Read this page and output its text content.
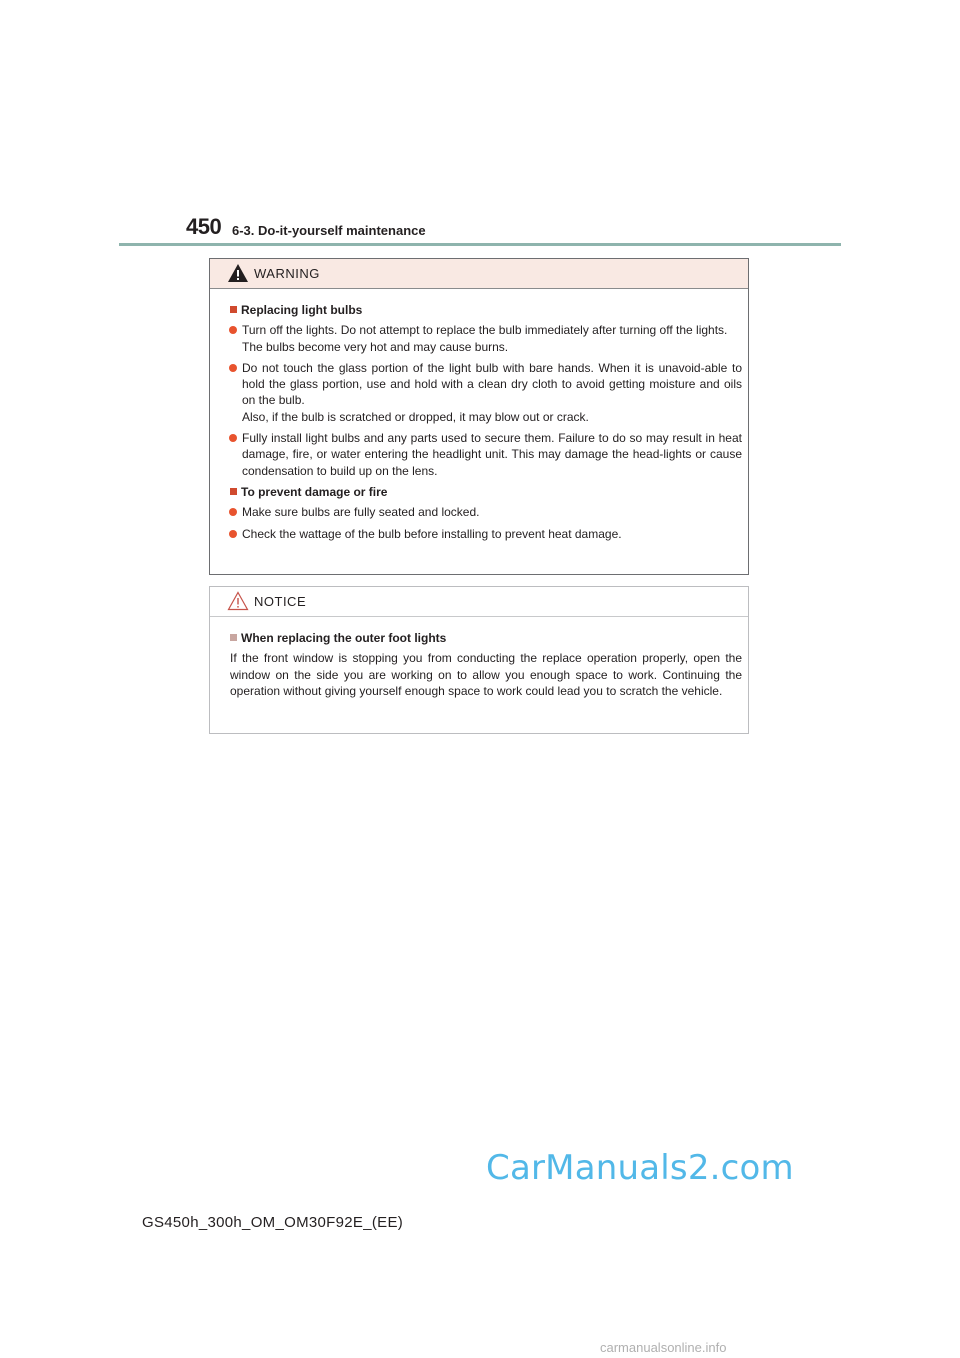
450 6-3. Do-it-yourself maintenance
WARNING
Replacing light bulbs

Turn off the lights. Do not attempt to replace the bulb immediately after turning off the lights.

The bulbs become very hot and may cause burns.

Do not touch the glass portion of the light bulb with bare hands. When it is unavoid-able to hold the glass portion, use and hold with a clean dry cloth to avoid getting moisture and oils on the bulb.

Also, if the bulb is scratched or dropped, it may blow out or crack.

Fully install light bulbs and any parts used to secure them. Failure to do so may result in heat damage, fire, or water entering the headlight unit. This may damage the head-lights or cause condensation to build up on the lens.

To prevent damage or fire

Make sure bulbs are fully seated and locked.

Check the wattage of the bulb before installing to prevent heat damage.

NOTICE
When replacing the outer foot lights

If the front window is stopping you from conducting the replace operation properly, open the window on the side you are working on to allow you enough space to work. Continuing the operation without giving yourself enough space to work could lead you to scratch the vehicle.

CarManuals2.com
GS450h_300h_OM_OM30F92E_(EE)
carmanualsonline.info
